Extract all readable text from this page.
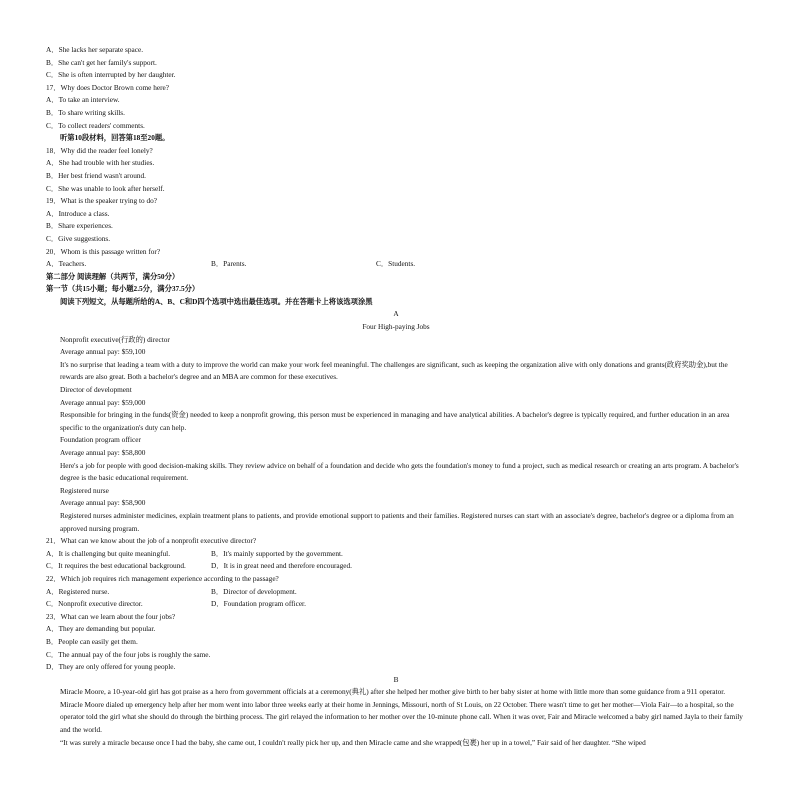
A．She lacks her separate space.
B．She can't get her family's support.
C．She is often interrupted by her daughter.
17．Why does Doctor Brown come here?
A．To take an interview.
B．To share writing skills.
C．To collect readers' comments.
听第10段材料，回答第18至20题。
18．Why did the reader feel lonely?
A．She had trouble with her studies.
B．Her best friend wasn't around.
C．She was unable to look after herself.
19．What is the speaker trying to do?
A．Introduce a class.
B．Share experiences.
C．Give suggestions.
20．Whom is this passage written for?
A．Teachers.	B．Parents.	C．Students.
第二部分 阅读理解（共两节，满分50分）
第一节（共15小题；每小题2.5分，满分37.5分）
阅读下列短文，从每题所给的A、B、C和D四个选项中选出最佳选项。并在答题卡上将该选项涂黑
A
Four High-paying Jobs
Nonprofit executive(行政的) director
Average annual pay: $59,100
It's no surprise that leading a team with a duty to improve the world can make your work feel meaningful. The challenges are significant, such as keeping the organization alive with only donations and grants(政府奖助金),but the rewards are also great. Both a bachelor's degree and an MBA are common for these executives.
Director of development
Average annual pay: $59,000
Responsible for bringing in the funds(资金) needed to keep a nonprofit growing, this person must be experienced in managing and have analytical abilities. A bachelor's degree is typically required, and further education in an area specific to the organization's duty can help.
Foundation program officer
Average annual pay: $58,800
Here's a job for people with good decision-making skills. They review advice on behalf of a foundation and decide who gets the foundation's money to fund a project, such as medical research or creating an arts program. A bachelor's degree is the basic educational requirement.
Registered nurse
Average annual pay: $58,900
Registered nurses administer medicines, explain treatment plans to patients, and provide emotional support to patients and their families. Registered nurses can start with an associate's degree, bachelor's degree or a diploma from an approved nursing program.
21．What can we know about the job of a nonprofit executive director?
A．It is challenging but quite meaningful.	B．It's mainly supported by the government.
C．It requires the best educational background.	D．It is in great need and therefore encouraged.
22．Which job requires rich management experience according to the passage?
A．Registered nurse.	B．Director of development.
C．Nonprofit executive director.	D．Foundation program officer.
23．What can we learn about the four jobs?
A．They are demanding but popular.
B．People can easily get them.
C．The annual pay of the four jobs is roughly the same.
D．They are only offered for young people.
B
Miracle Moore, a 10-year-old girl has got praise as a hero from government officials at a ceremony(典礼) after she helped her mother give birth to her baby sister at home with little more than some guidance from a 911 operator.
Miracle Moore dialed up emergency help after her mom went into labor three weeks early at their home in Jennings, Missouri, north of St Louis, on 22 October. There wasn't time to get her mother—Viola Fair—to a hospital, so the operator told the girl what she should do through the birthing process. The girl relayed the information to her mother over the 10-minute phone call. When it was over, Fair and Miracle welcomed a baby girl named Jayla to their family and the world.
“It was surely a miracle because once I had the baby, she came out, I couldn't really pick her up, and then Miracle came and she wrapped(包裹) her up in a towel,” Fair said of her daughter. “She wiped
